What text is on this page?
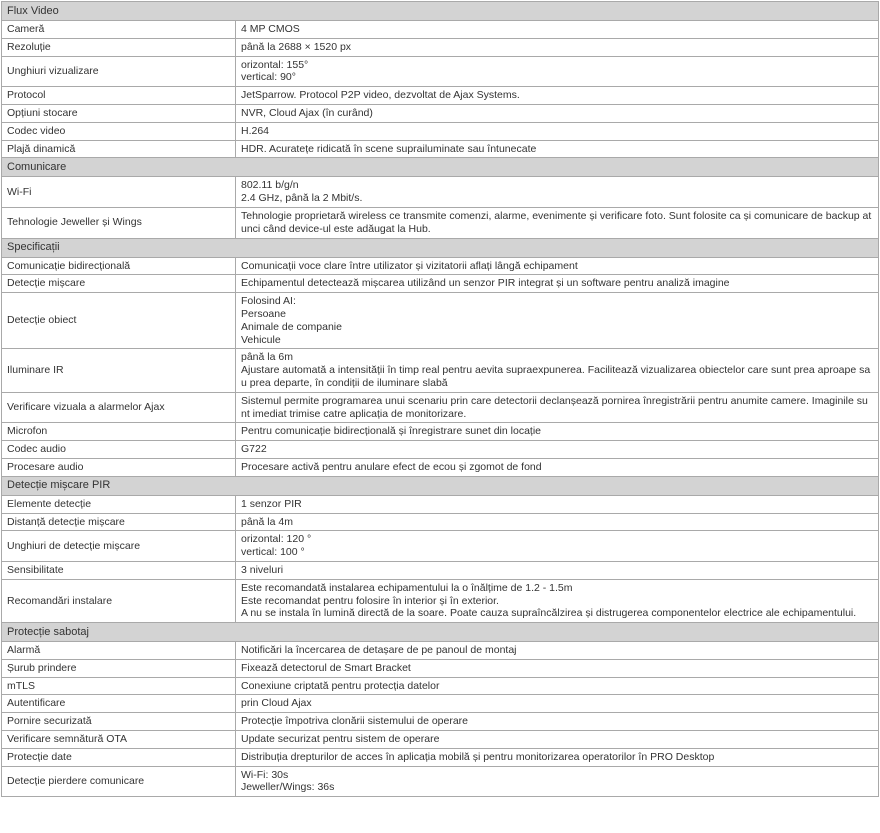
Flux Video	
Cameră	4 MP CMOS

Rezoluție	până la 2688 × 1520 px

Unghiuri vizualizare	orizontal: 155°
vertical: 90°

Protocol	JetSparrow. Protocol P2P video, dezvoltat de Ajax Systems.

Opțiuni stocare	NVR, Cloud Ajax (în curând)

Codec video	H.264

Plajă dinamică	HDR. Acuratețe ridicată în scene suprailuminate sau întunecate

Comunicare	
Wi-Fi	802.11 b/g/n
2.4 GHz, până la 2 Mbit/s.

Tehnologie Jeweller și Wings	Tehnologie proprietară wireless ce transmite comenzi, alarme, evenimente și verificare foto. Sunt folosite ca și comunicare de backup at
unci când device-ul este adăugat la Hub.

Specificații	
Comunicație bidirecțională	Comunicații voce clare între utilizator și vizitatorii aflați lângă echipament

Detecție mișcare	Echipamentul detectează mișcarea utilizând un senzor PIR integrat și un software pentru analiză imagine

Detecție obiect	Folosind AI:
Persoane
Animale de companie
Vehicule

Iluminare IR	până la 6m
Ajustare automată a intensității în timp real pentru aevita supraexpunerea. Facilitează vizualizarea obiectelor care sunt prea aproape sa
u prea departe, în condiții de iluminare slabă

Verificare vizuala a alarmelor Ajax	Sistemul permite programarea unui scenariu prin care detectorii declanșează pornirea înregistrării pentru anumite camere. Imaginile su
nt imediat trimise catre aplicația de monitorizare.

Microfon	Pentru comunicație bidirecțională și înregistrare sunet din locație

Codec audio	G722

Procesare audio	Procesare activă pentru anulare efect de ecou și zgomot de fond

Detecție mișcare PIR	
Elemente detecție	1 senzor PIR

Distanță detecție mișcare	până la 4m

Unghiuri de detecție mișcare	orizontal: 120 °
vertical: 100 °

Sensibilitate	3 niveluri

Recomandări instalare	Este recomandată instalarea echipamentului la o înălțime de 1.2 - 1.5m
Este recomandat pentru folosire în interior și în exterior.
A nu se instala în lumină directă de la soare. Poate cauza supraîncălzirea și distrugerea componentelor electrice ale echipamentului.

Protecție sabotaj	
Alarmă	Notificări la încercarea de detașare de pe panoul de montaj

Șurub prindere	Fixează detectorul de Smart Bracket

mTLS	Conexiune criptată pentru protecția datelor

Autentificare	prin Cloud Ajax

Pornire securizată	Protecție împotriva clonării sistemului de operare

Verificare semnătură OTA	Update securizat pentru sistem de operare

Protecție date	Distribuția drepturilor de acces în aplicația mobilă și pentru monitorizarea operatorilor în PRO Desktop

Detecție pierdere comunicare	Wi-Fi: 30s
Jeweller/Wings: 36s
